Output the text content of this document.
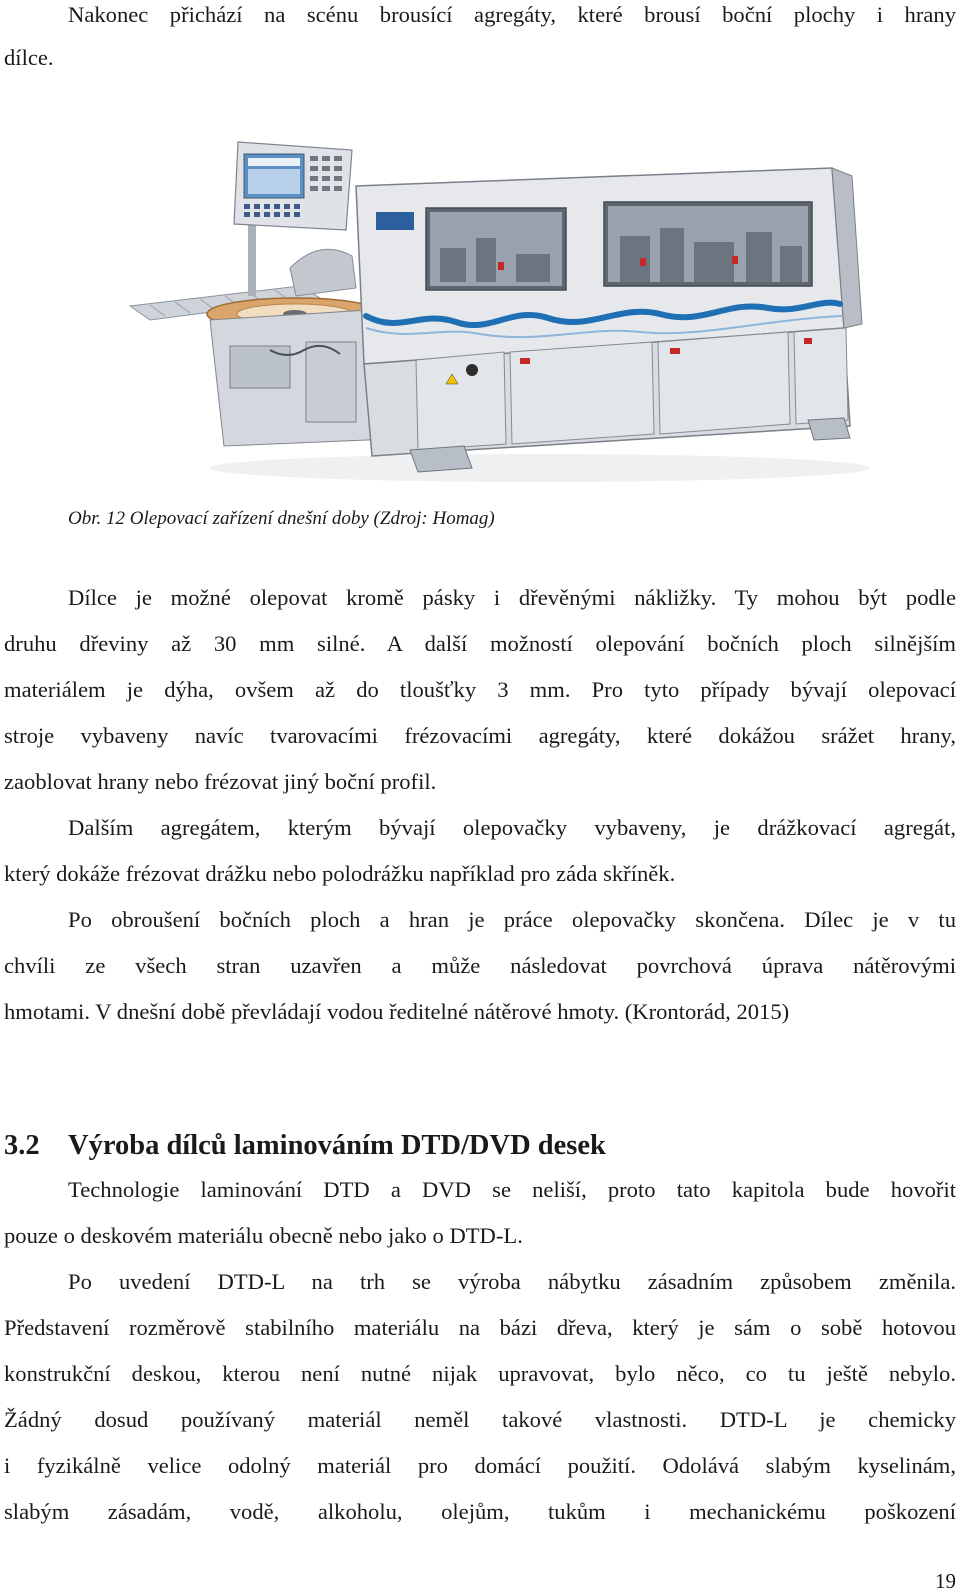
Nakonec přichází na scénu brousící agregáty, které brousí boční plochy i hrany
dílce.
Obr. 12 Olepovací zařízení dnešní doby (Zdroj: Homag)
Dílce je možné olepovat kromě pásky i dřevěnými nákližky. Ty mohou být podle
druhu dřeviny až 30 mm silné. A další možností olepování bočních ploch silnějším
materiálem je dýha, ovšem až do tloušťky 3 mm. Pro tyto případy bývají olepovací
stroje vybaveny navíc tvarovacími frézovacími agregáty, které dokážou srážet hrany,
zaoblovat hrany nebo frézovat jiný boční profil.
Dalším agregátem, kterým bývají olepovačky vybaveny, je drážkovací agregát,
který dokáže frézovat drážku nebo polodrážku například pro záda skříněk.
Po obroušení bočních ploch a hran je práce olepovačky skončena. Dílec je v tu
chvíli ze všech stran uzavřen a může následovat povrchová úprava nátěrovými
hmotami. V dnešní době převládají vodou ředitelné nátěrové hmoty. (Krontorád, 2015)
3.2 Výroba dílců laminováním DTD/DVD desek
Technologie laminování DTD a DVD se neliší, proto tato kapitola bude hovořit
pouze o deskovém materiálu obecně nebo jako o DTD-L.
Po uvedení DTD-L na trh se výroba nábytku zásadním způsobem změnila.
Představení rozměrově stabilního materiálu na bázi dřeva, který je sám o sobě hotovou
konstrukční deskou, kterou není nutné nijak upravovat, bylo něco, co tu ještě nebylo.
Žádný dosud používaný materiál neměl takové vlastnosti. DTD-L je chemicky
i fyzikálně velice odolný materiál pro domácí použití. Odolává slabým kyselinám,
slabým zásadám, vodě, alkoholu, olejům, tukům i mechanickému poškození
19
